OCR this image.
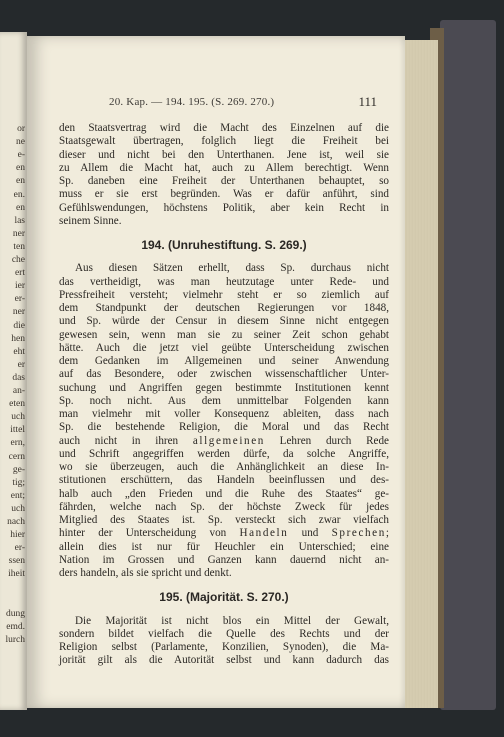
or
ne
e-
en
en
en.
en
las
ner
ten
che
ert
ier
er-
ner
die
hen
eht
er
das
an-
eten
uch
ittel
ern,
cern
ge-
tig;
ent;
uch
nach
hier
er-
ssen
iheit
dung
emd.
lurch
20. Kap. — 194. 195. (S. 269. 270.)	111
den Staatsvertrag wird die Macht des Einzelnen auf die
Staatsgewalt übertragen, folglich liegt die Freiheit bei
dieser und nicht bei den Unterthanen. Jene ist, weil sie
zu Allem die Macht hat, auch zu Allem berechtigt. Wenn
Sp. daneben eine Freiheit der Unterthanen behauptet, so
muss er sie erst begründen. Was er dafür anführt, sind
Gefühlswendungen, höchstens Politik, aber kein Recht in
seinem Sinne.
194. (Unruhestiftung. S. 269.)
Aus diesen Sätzen erhellt, dass Sp. durchaus nicht
das vertheidigt, was man heutzutage unter Rede- und
Pressfreiheit versteht; vielmehr steht er so ziemlich auf
dem Standpunkt der deutschen Regierungen vor 1848,
und Sp. würde der Censur in diesem Sinne nicht entgegen
gewesen sein, wenn man sie zu seiner Zeit schon gehabt
hätte. Auch die jetzt viel geübte Unterscheidung zwischen
dem Gedanken im Allgemeinen und seiner Anwendung
auf das Besondere, oder zwischen wissenschaftlicher Unter-
suchung und Angriffen gegen bestimmte Institutionen kennt
Sp. noch nicht. Aus dem unmittelbar Folgenden kann
man vielmehr mit voller Konsequenz ableiten, dass nach
Sp. die bestehende Religion, die Moral und das Recht
auch nicht in ihren allgemeinen Lehren durch Rede
und Schrift angegriffen werden dürfe, da solche Angriffe,
wo sie überzeugen, auch die Anhänglichkeit an diese In-
stitutionen erschüttern, das Handeln beeinflussen und des-
halb auch „den Frieden und die Ruhe des Staates“ ge-
fährden, welche nach Sp. der höchste Zweck für jedes
Mitglied des Staates ist. Sp. versteckt sich zwar vielfach
hinter der Unterscheidung von Handeln und Sprechen;
allein dies ist nur für Heuchler ein Unterschied; eine
Nation im Grossen und Ganzen kann dauernd nicht an-
ders handeln, als sie spricht und denkt.
195. (Majorität. S. 270.)
Die Majorität ist nicht blos ein Mittel der Gewalt,
sondern bildet vielfach die Quelle des Rechts und der
Religion selbst (Parlamente, Konzilien, Synoden), die Ma-
jorität gilt als die Autorität selbst und kann dadurch das
